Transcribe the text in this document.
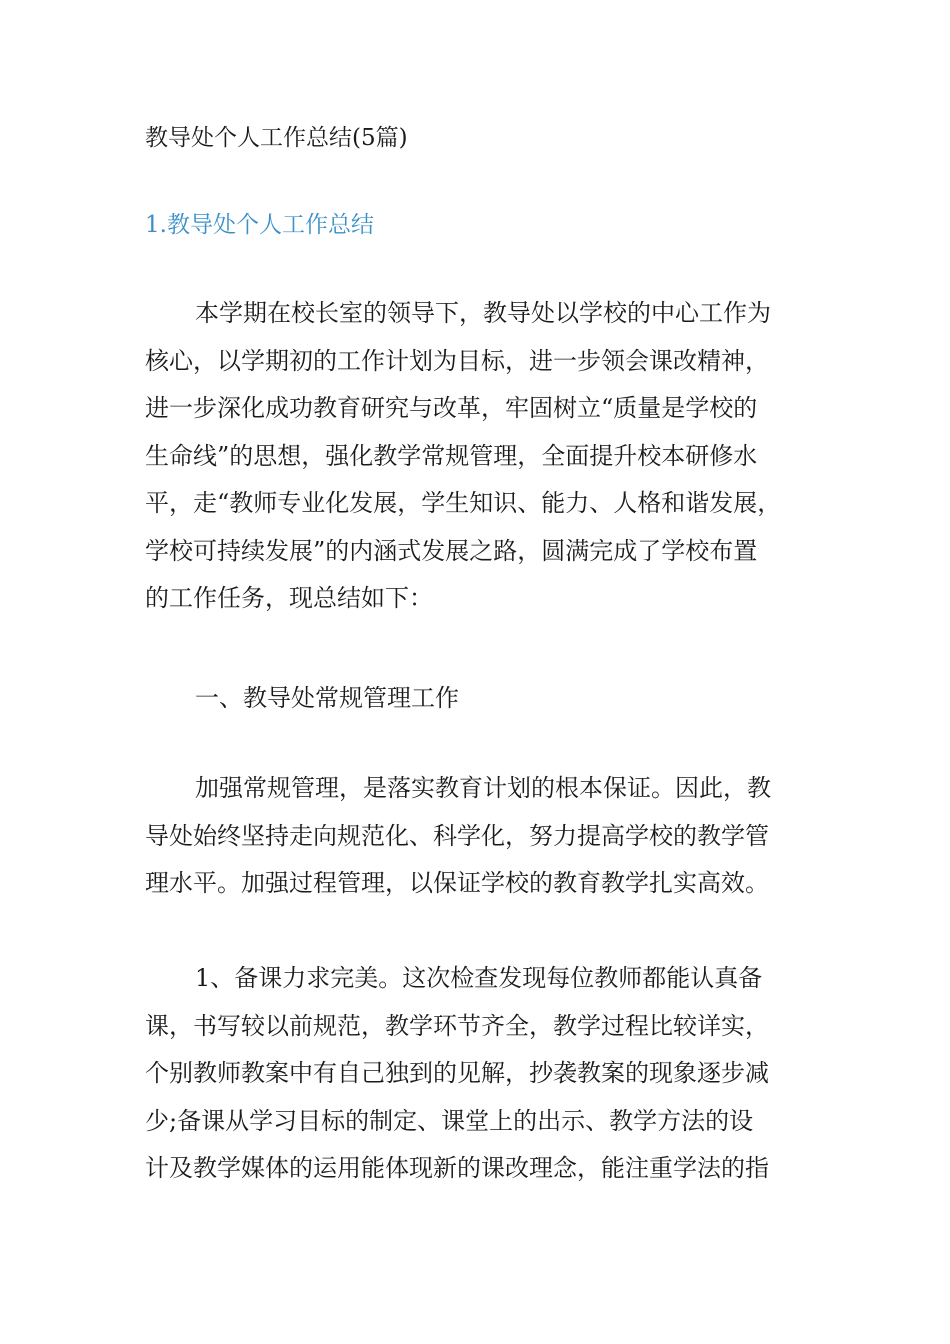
教导处个人工作总结(5篇)
1.教导处个人工作总结
本学期在校长室的领导下，教导处以学校的中心工作为
核心，以学期初的工作计划为目标，进一步领会课改精神，
进一步深化成功教育研究与改革，牢固树立“质量是学校的
生命线”的思想，强化教学常规管理，全面提升校本研修水
平，走“教师专业化发展，学生知识、能力、人格和谐发展，
学校可持续发展”的内涵式发展之路，圆满完成了学校布置
的工作任务，现总结如下：
一、教导处常规管理工作
加强常规管理，是落实教育计划的根本保证。因此，教
导处始终坚持走向规范化、科学化，努力提高学校的教学管
理水平。加强过程管理，以保证学校的教育教学扎实高效。
1、备课力求完美。这次检查发现每位教师都能认真备
课，书写较以前规范，教学环节齐全，教学过程比较详实，
个别教师教案中有自己独到的见解，抄袭教案的现象逐步减
少;备课从学习目标的制定、课堂上的出示、教学方法的设
计及教学媒体的运用能体现新的课改理念，能注重学法的指
